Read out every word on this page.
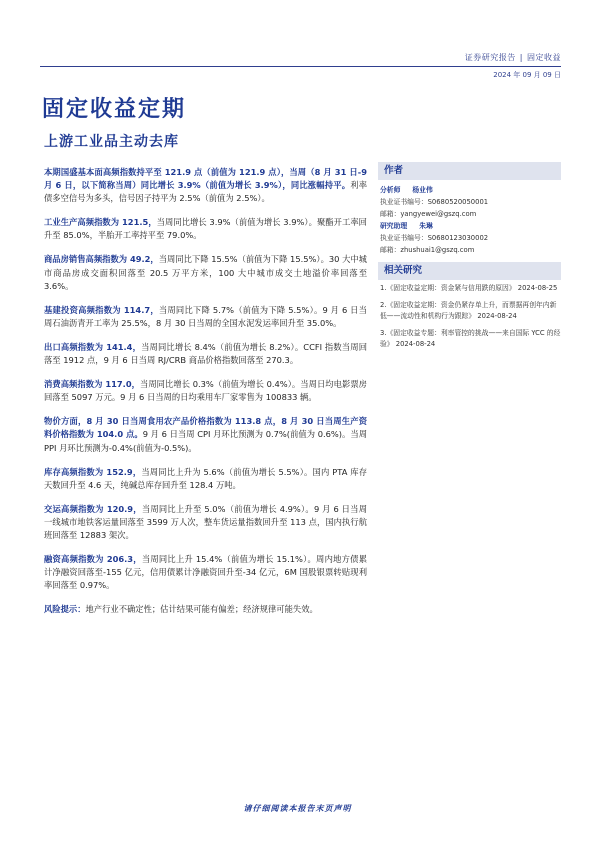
证券研究报告 | 固定收益
2024 年 09 月 09 日
固定收益定期
上游工业品主动去库

本期国盛基本面高频指数持平至 121.9 点（前值为 121.9 点），当周（8 月 31 日-9 月 6 日，以下简称当周）同比增长 3.9%（前值为增长 3.9%），同比涨幅持平。利率债多空信号为多头，信号因子持平为 2.5%（前值为 2.5%）。

工业生产高频指数为 121.5，当周同比增长 3.9%（前值为增长 3.9%）。聚酯开工率回升至 85.0%，半胎开工率持平至 79.0%。

商品房销售高频指数为 49.2，当周同比下降 15.5%（前值为下降 15.5%）。30 大中城市商品房成交面积回落至 20.5 万平方米，100 大中城市成交土地溢价率回落至 3.6%。

基建投资高频指数为 114.7，当周同比下降 5.7%（前值为下降 5.5%）。9 月 6 日当周石油沥青开工率为 25.5%，8 月 30 日当周的全国水泥发运率回升至 35.0%。

出口高频指数为 141.4，当周同比增长 8.4%（前值为增长 8.2%）。CCFI 指数当周回落至 1912 点，9 月 6 日当周 RJ/CRB 商品价格指数回落至 270.3。

消费高频指数为 117.0，当周同比增长 0.3%（前值为增长 0.4%）。当周日均电影票房回落至 5097 万元。9 月 6 日当周的日均乘用车厂家零售为 100833 辆。

物价方面，8 月 30 日当周食用农产品价格指数为 113.8 点，8 月 30 日当周生产资料价格指数为 104.0 点。9 月 6 日当周 CPI 月环比预测为 0.7%(前值为 0.6%)。当周 PPI 月环比预测为-0.4%(前值为-0.5%)。

库存高频指数为 152.9，当周同比上升为 5.6%（前值为增长 5.5%）。国内 PTA 库存天数回升至 4.6 天，纯碱总库存回升至 128.4 万吨。

交运高频指数为 120.9，当周同比上升至 5.0%（前值为增长 4.9%）。9 月 6 日当周一线城市地铁客运量回落至 3599 万人次，整车货运量指数回升至 113 点，国内执行航班回落至 12883 架次。

融资高频指数为 206.3，当周同比上升 15.4%（前值为增长 15.1%）。周内地方债累计净融资回落至-155 亿元，信用债累计净融资回升至-34 亿元，6M 国股银票转贴现利率回落至 0.97%。

风险提示：地产行业不确定性；估计结果可能有偏差；经济规律可能失效。

作者
分析师 杨业伟
执业证书编号：S0680520050001
邮箱：yangyewei@gszq.com
研究助理 朱琳
执业证书编号：S0680123030002
邮箱：zhushuai1@gszq.com
相关研究
1.《固定收益定期：资金紧与信用跌的原因》 2024-08-25
2.《固定收益定期：资金仍紧存单上升，而票据再创年内新低——流动性和机构行为跟踪》 2024-08-24
3.《固定收益专题：利率管控的挑战——来自国际 YCC 的经验》 2024-08-24
请仔细阅读本报告末页声明
